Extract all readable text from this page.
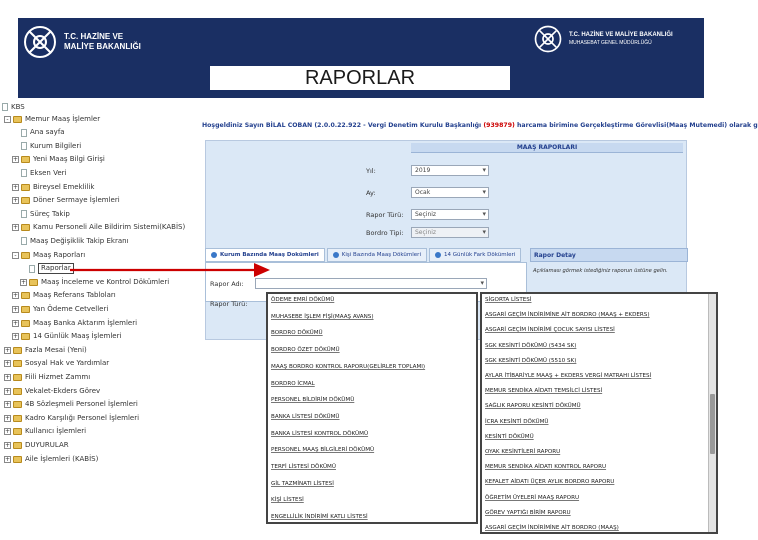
T.C. HAZİNE VE
MALİYE BAKANLIĞI
T.C. HAZİNE VE MALİYE BAKANLIĞI
MUHASEBAT GENEL MÜDÜRLÜĞÜ
RAPORLAR
KBS
-	Memur Maaş İşlemler
Ana sayfa
Kurum Bilgileri
+ Yeni Maaş Bilgi Girişi
Eksen Veri
+ Bireysel Emeklilik
+ Döner Sermaye İşlemleri
Süreç Takip
+ Kamu Personeli Aile Bildirim Sistemi(KABİS)
Maaş Değişiklik Takip Ekranı
-	Maaş Raporları
Raporlar
+ Maaş İnceleme ve Kontrol Dökümleri
+ Maaş Referans Tabloları
+ Yan Ödeme Cetvelleri
+ Maaş Banka Aktarım İşlemleri
+ 14 Günlük Maaş İşlemleri
+ Fazla Mesai (Yeni)
+ Sosyal Hak ve Yardımlar
+ Fiili Hizmet Zammı
+ Vekalet-Ekders Görev
+ 4B Sözleşmeli Personel İşlemleri
+ Kadro Karşılığı Personel İşlemleri
+ Kullanıcı İşlemleri
+ DUYURULAR
+ Aile İşlemleri (KABİS)
Hoşgeldiniz Sayın BİLAL COBAN (2.0.0.22.922 - Vergi Denetim Kurulu Başkanlığı (939879) harcama birimine Gerçekleştirme Görevlisi(Maaş Mutemedi) olarak g
MAAŞ RAPORLARI
Yıl:	2019 ▾
Ay:	Ocak ▾
Rapor Türü:	Seçiniz ▾
Bordro Tipi:	Seçiniz ▾
Kurum Bazında Maaş Dokümleri	Kişi Bazında Maaş Dökümleri	14 Günlük Fark Dökümleri	Rapor Detay
Açıklaması görmek istediğiniz raporun üstüne gelin.
Rapor Adı:
▾
Rapor Türü:	ÖDEME EMRİ DÖKÜMÜ
MUHASEBE İŞLEM FİŞİ(MAAŞ AVANS)
BORDRO DÖKÜMÜ
BORDRO ÖZET DÖKÜMÜ
MAAŞ BORDRO KONTROL RAPORU(GELİRLER TOPLAMI)
BORDRO İCMAL
PERSONEL BİLDİRİM DÖKÜMÜ
BANKA LİSTESİ DÖKÜMÜ
BANKA LİSTESİ KONTROL DÖKÜMÜ
PERSONEL MAAŞ BİLGİLERİ DÖKÜMÜ
TERFİ LİSTESİ DÖKÜMÜ
GİL TAZMİNATI LİSTESİ
KİŞİ LİSTESİ
ENGELLİLİK İNDİRİMİ KATLI LİSTESİ
SİGORTA LİSTESİ
ASGARİ GEÇİM İNDİRİMİNE AİT BORDRO (MAAŞ + EKDERS)
ASGARİ GEÇİM İNDİRİMİ ÇOCUK SAYISI LİSTESİ
SGK KESİNTİ DÖKÜMÜ (5434 SK)
SGK KESİNTİ DÖKÜMÜ (5510 SK)
AYLAR İTİBARİYLE MAAŞ + EKDERS VERGİ MATRAHI LİSTESİ
MEMUR SENDİKA AİDATI TEMSİLCİ LİSTESİ
SAĞLIK RAPORU KESİNTİ DÖKÜMÜ
İCRA KESİNTİ DÖKÜMÜ
KESİNTİ DÖKÜMÜ
OYAK KESİNTİLERİ RAPORU
MEMUR SENDİKA AİDATI KONTROL RAPORU
KEFALET AİDATI ÜÇER AYLIK BORDRO RAPORU
ÖĞRETİM ÜYELERİ MAAŞ RAPORU
GÖREV YAPTIĞI BİRİM RAPORU
ASGARİ GEÇİM İNDİRİMİNE AİT BORDRO (MAAŞ)
